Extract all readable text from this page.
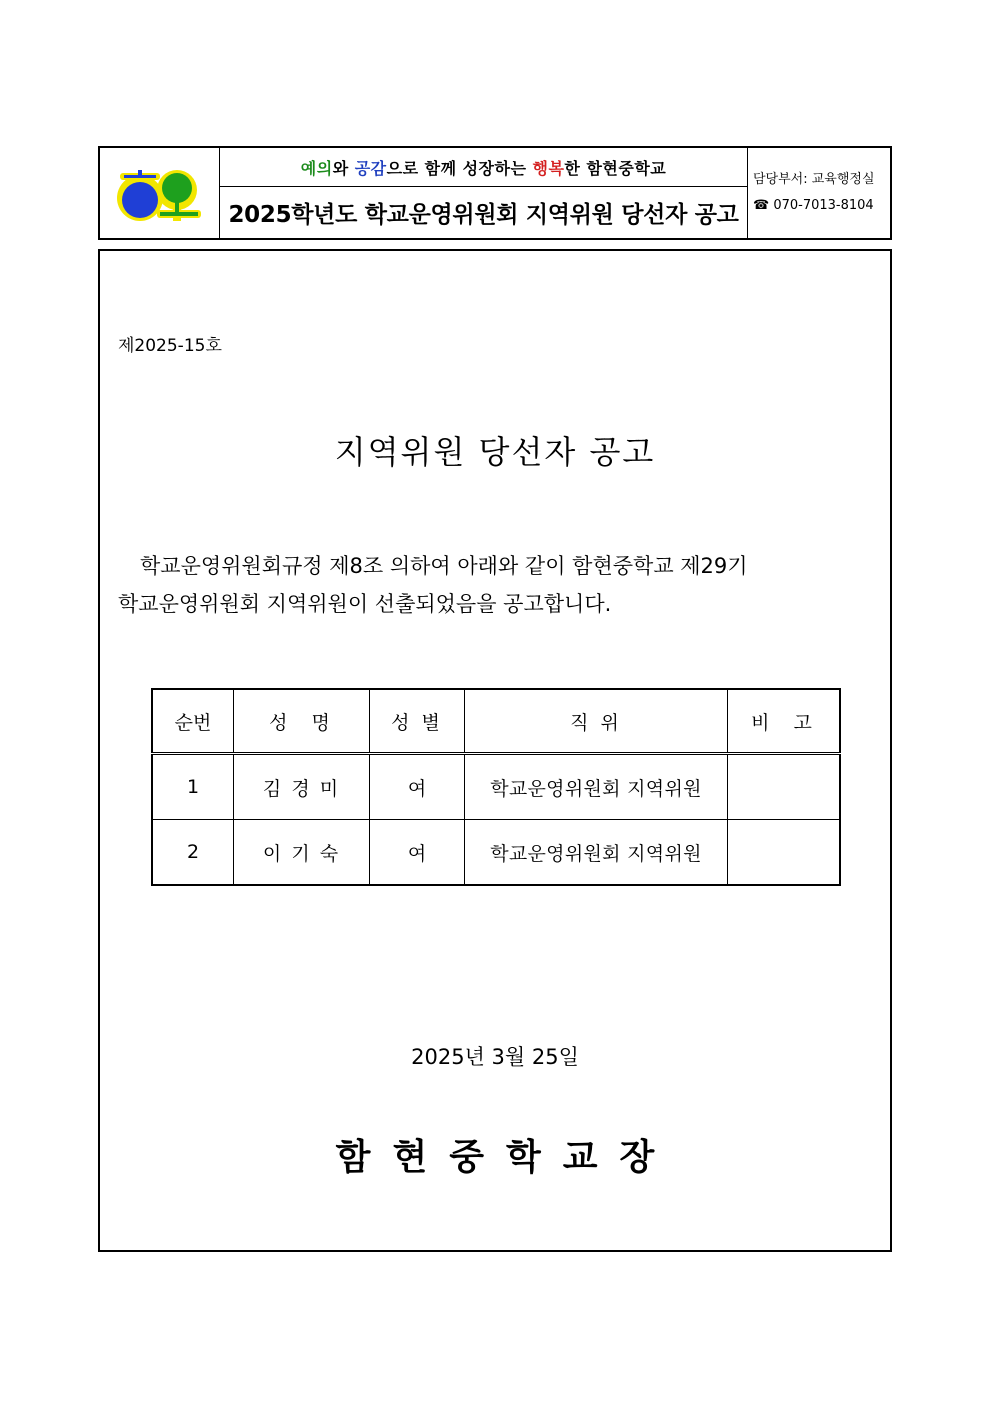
예의 와 공감 으로 함께 성장하는 행복 한 함현중학교
2025학년도 학교운영위원회 지역위원 당선자 공고
담당부서: 교육행정실
☎ 070-7013-8104
제2025-15호
지역위원 당선자 공고
학교운영위원회규정 제8조 의하여 아래와 같이 함현중학교 제29기
학교운영위원회 지역위원이 선출되었음을 공고합니다.
순번	성  명	성 별	직 위	비  고
1	김 경 미	여	학교운영위원회 지역위원	
2	이 기 숙	여	학교운영위원회 지역위원	
2025년 3월 25일
함현중학교장
